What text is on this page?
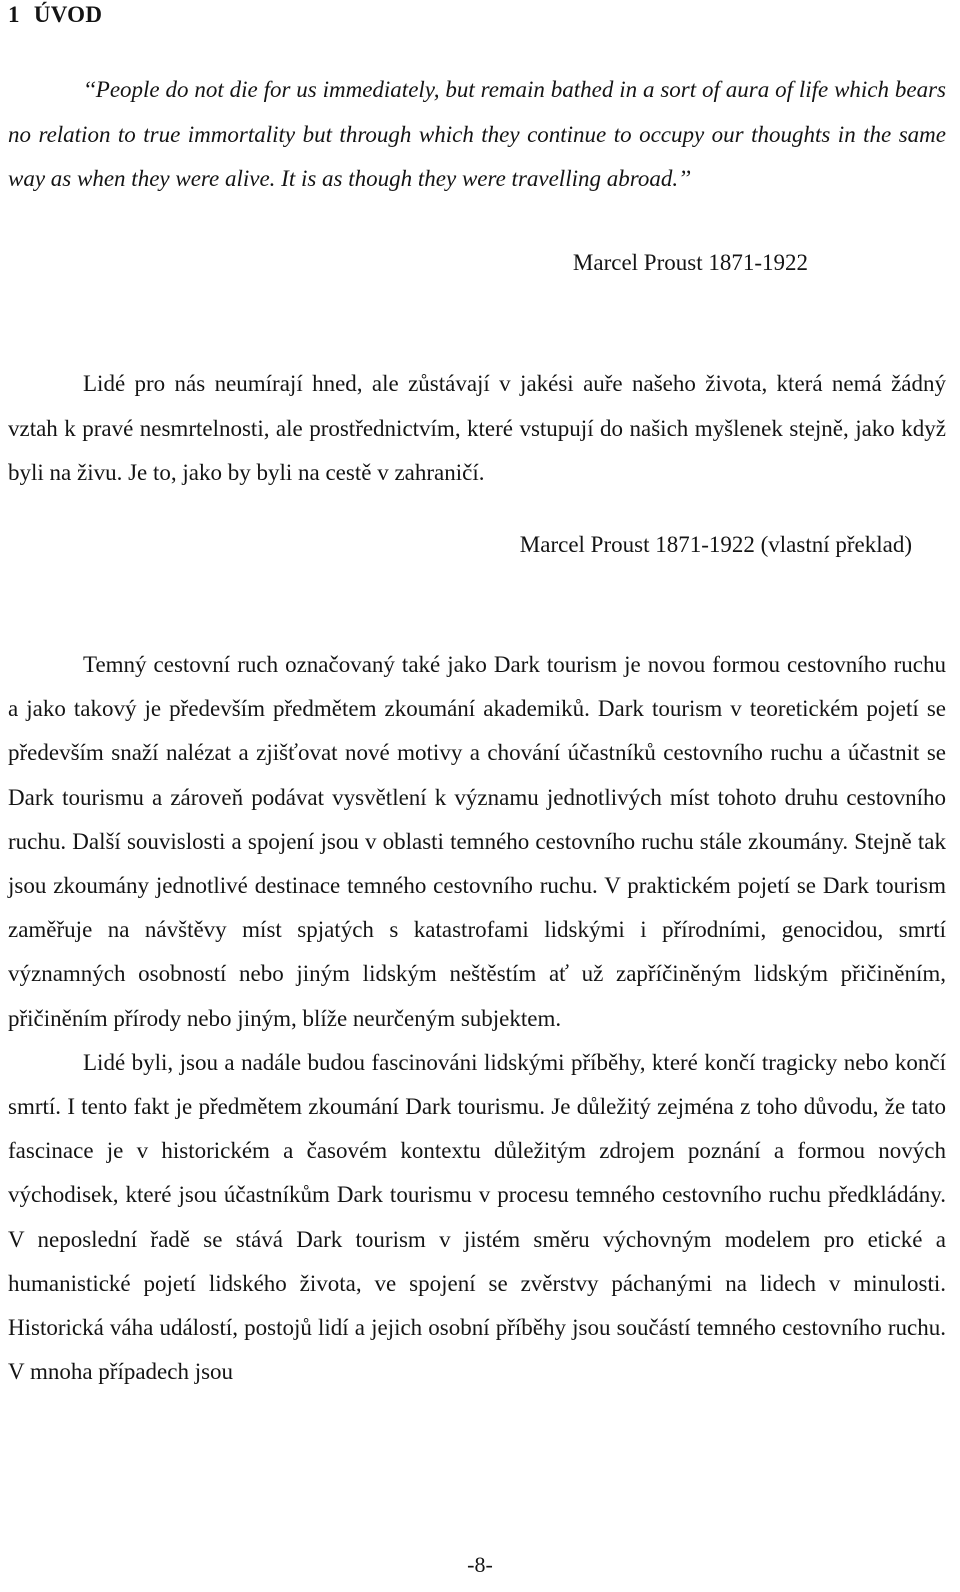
1 ÚVOD

‘‘People do not die for us immediately, but remain bathed in a sort of aura of life which bears no relation to true immortality but through which they continue to occupy our thoughts in the same way as when they were alive. It is as though they were travelling abroad.’’

Marcel Proust 1871-1922

Lidé pro nás neumírají hned, ale zůstávají v jakési auře našeho života, která nemá žádný vztah k pravé nesmrtelnosti, ale prostřednictvím, které vstupují do našich myšlenek stejně, jako když byli na živu. Je to, jako by byli na cestě v zahraničí.

Marcel Proust 1871-1922 (vlastní překlad)

Temný cestovní ruch označovaný také jako Dark tourism je novou formou cestovního ruchu a jako takový je především předmětem zkoumání akademiků. Dark tourism v teoretickém pojetí se především snaží nalézat a zjišťovat nové motivy a chování účastníků cestovního ruchu a účastnit se Dark tourismu a zároveň podávat vysvětlení k významu jednotlivých míst tohoto druhu cestovního ruchu. Další souvislosti a spojení jsou v oblasti temného cestovního ruchu stále zkoumány. Stejně tak jsou zkoumány jednotlivé destinace temného cestovního ruchu. V praktickém pojetí se Dark tourism zaměřuje na návštěvy míst spjatých s katastrofami lidskými i přírodními, genocidou, smrtí významných osobností nebo jiným lidským neštěstím ať už zapříčiněným lidským přičiněním, přičiněním přírody nebo jiným, blíže neurčeným subjektem.

Lidé byli, jsou a nadále budou fascinováni lidskými příběhy, které končí tragicky nebo končí smrtí. I tento fakt je předmětem zkoumání Dark tourismu. Je důležitý zejména z toho důvodu, že tato fascinace je v historickém a časovém kontextu důležitým zdrojem poznání a formou nových východisek, které jsou účastníkům Dark tourismu v procesu temného cestovního ruchu předkládány. V neposlední řadě se stává Dark tourism v jistém směru výchovným modelem pro etické a humanistické pojetí lidského života, ve spojení se zvěrstvy páchanými na lidech v minulosti. Historická váha událostí, postojů lidí a jejich osobní příběhy jsou součástí temného cestovního ruchu. V mnoha případech jsou

-8-
